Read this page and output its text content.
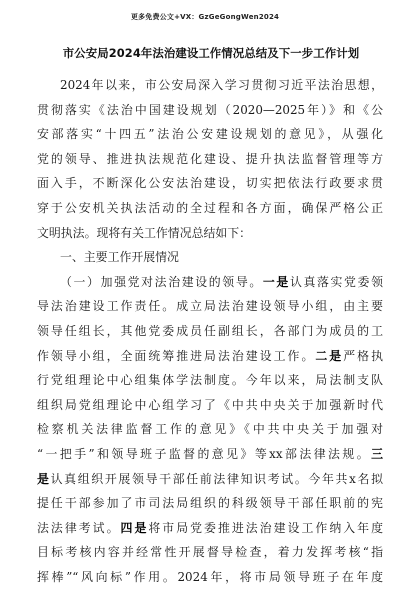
更多免费公文+VX：GzGeGongWen2024

市公安局2024年法治建设工作情况总结及下一步工作计划
2024年以来，市公安局深入学习贯彻习近平法治思想，
贯彻落实《法治中国建设规划（2020—2025年）》和《公
安部落实“十四五”法治公安建设规划的意见》，从强化
党的领导、推进执法规范化建设、提升执法监督管理等方
面入手，不断深化公安法治建设，切实把依法行政要求贯
穿于公安机关执法活动的全过程和各方面，确保严格公正
文明执法。现将有关工作情况总结如下：
一、主要工作开展情况
（一）加强党对法治建设的领导。一是认真落实党委领
导法治建设工作责任。成立局法治建设领导小组，由主要
领导任组长，其他党委成员任副组长，各部门为成员的工
作领导小组，全面统筹推进局法治建设工作。二是严格执
行党组理论中心组集体学法制度。今年以来，局法制支队
组织局党组理论中心组学习了《中共中央关于加强新时代
检察机关法律监督工作的意见》《中共中央关于加强对
“一把手”和领导班子监督的意见》等xx部法律法规。三
是认真组织开展领导干部任前法律知识考试。今年共x名拟
提任干部参加了市司法局组织的科级领导干部任职前的宪
法法律考试。四是将市局党委推进法治建设工作纳入年度
目标考核内容并经常性开展督导检查，着力发挥考核“指
挥棒”“风向标”作用。2024年，将市局领导班子在年度
